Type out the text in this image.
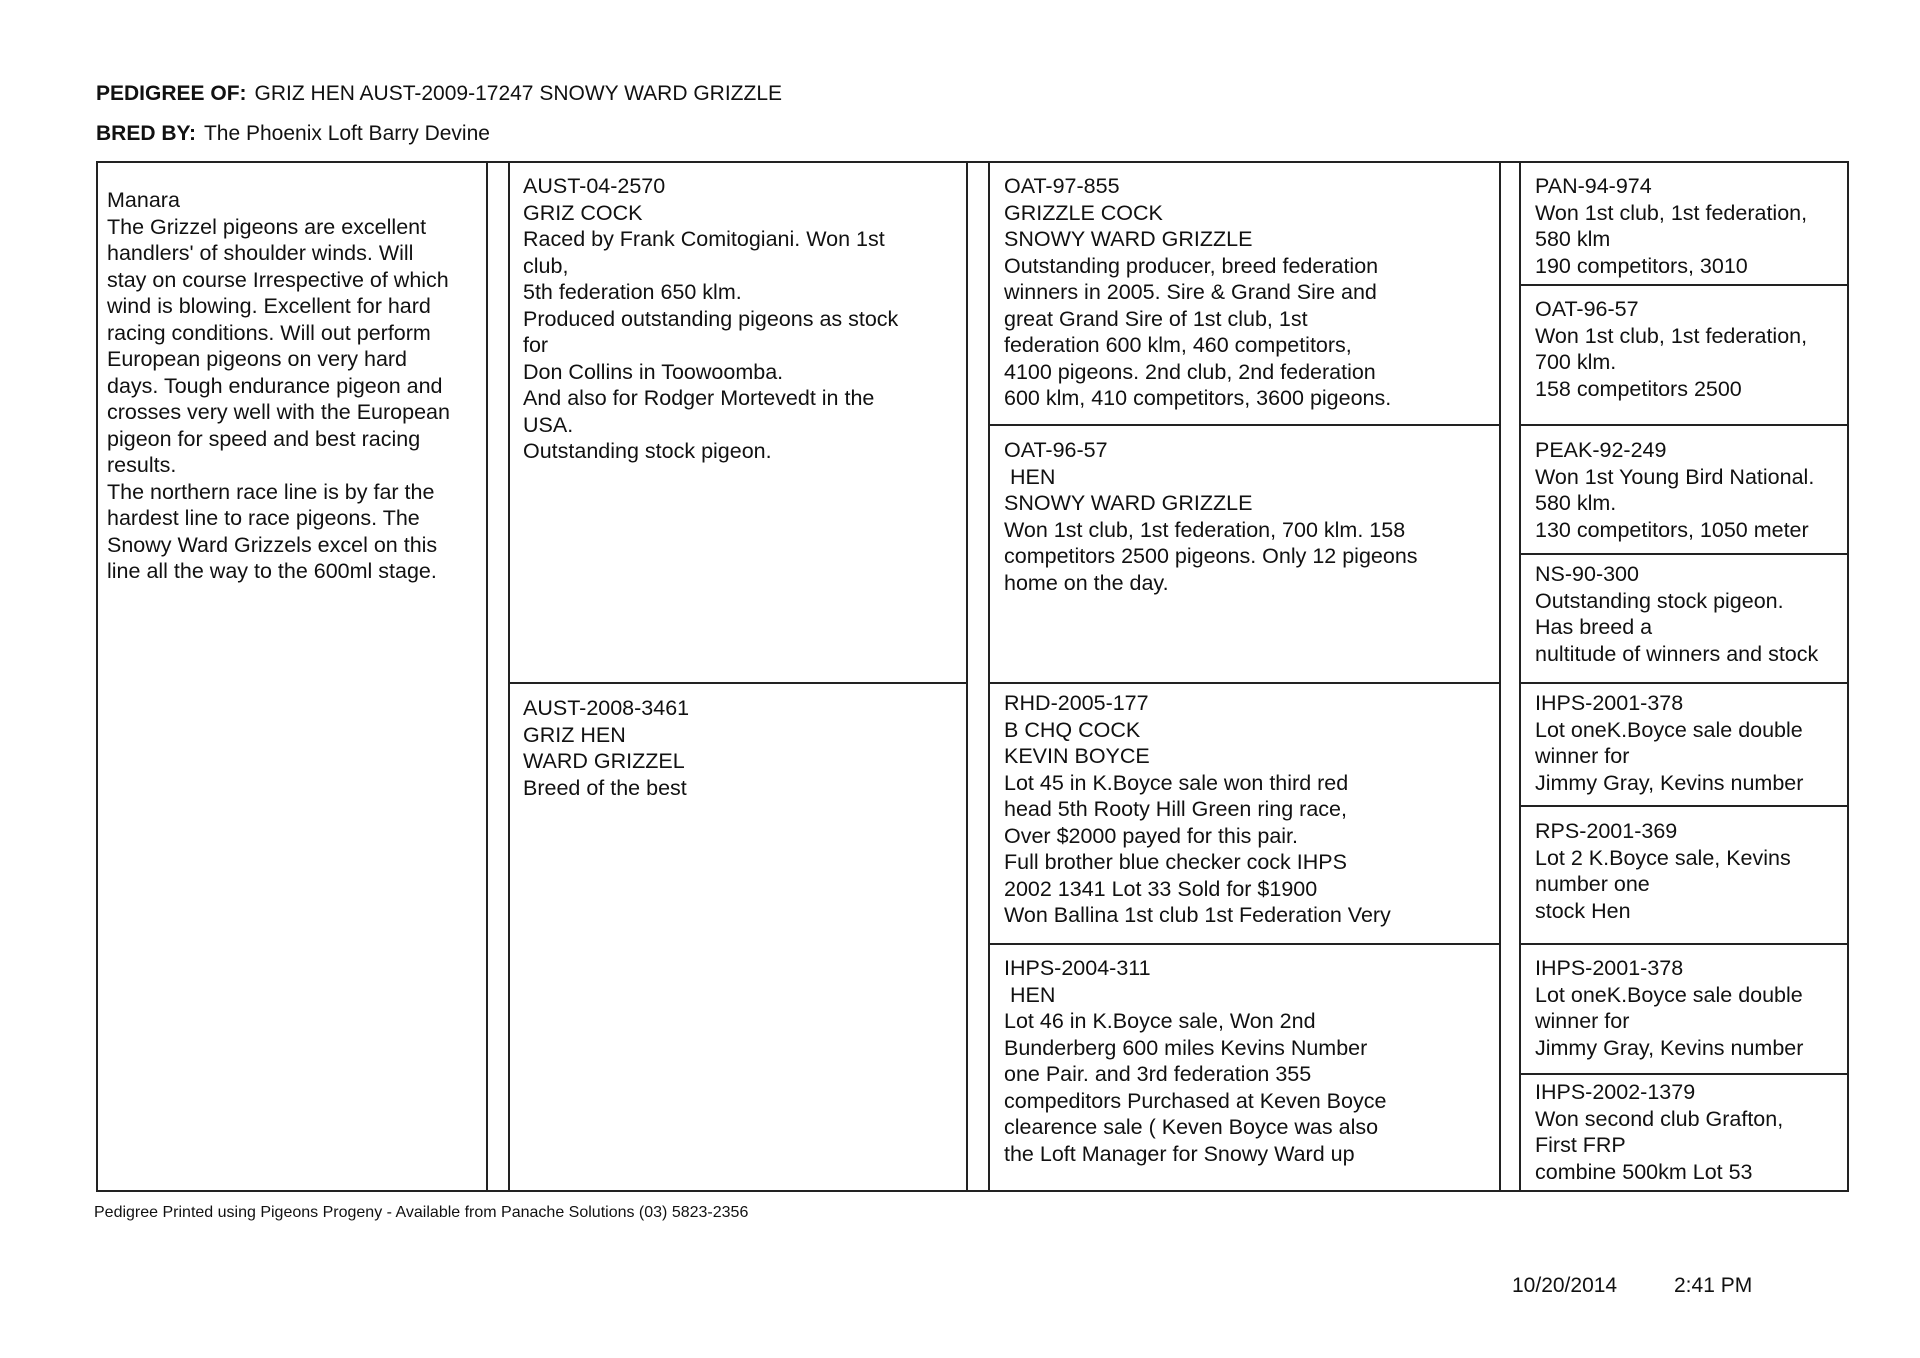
PEDIGREE OF: GRIZ HEN AUST-2009-17247 SNOWY WARD GRIZZLE
BRED BY: The Phoenix Loft Barry Devine
Manara
The Grizzel pigeons are excellent
handlers' of shoulder winds. Will
stay on course Irrespective of which
wind is blowing. Excellent for hard
racing conditions. Will out perform
European pigeons on very hard
days. Tough endurance pigeon and
crosses very well with the European
pigeon for speed and best racing
results.
The northern race line is by far the
hardest line to race pigeons. The
Snowy Ward Grizzels excel on this
line all the way to the 600ml stage.
AUST-04-2570
GRIZ COCK
Raced by Frank Comitogiani. Won 1st
club,
5th federation 650 klm.
Produced outstanding pigeons as stock
for
Don Collins in Toowoomba.
And also for Rodger Mortevedt in the
USA.
Outstanding stock pigeon.
AUST-2008-3461
GRIZ HEN
WARD GRIZZEL
Breed of the best
OAT-97-855
GRIZZLE COCK
SNOWY WARD GRIZZLE
Outstanding producer, breed federation
winners in 2005. Sire & Grand Sire and
great Grand Sire of 1st club, 1st
federation 600 klm, 460 competitors,
4100 pigeons. 2nd club, 2nd federation
600 klm, 410 competitors, 3600 pigeons.
OAT-96-57
HEN
SNOWY WARD GRIZZLE
Won 1st club, 1st federation, 700 klm. 158
competitors 2500 pigeons. Only 12 pigeons
home on the day.
RHD-2005-177
B CHQ COCK
KEVIN BOYCE
Lot 45 in K.Boyce sale won third red
head 5th Rooty Hill Green ring race,
Over $2000 payed for this pair.
Full brother blue checker cock IHPS
2002 1341 Lot 33 Sold for $1900
Won Ballina 1st club 1st Federation Very
IHPS-2004-311
HEN
Lot 46 in K.Boyce sale, Won 2nd
Bunderberg 600 miles Kevins Number
one Pair. and 3rd federation 355
compeditors Purchased at Keven Boyce
clearence sale ( Keven Boyce was also
the Loft Manager for Snowy Ward up
PAN-94-974
Won 1st club, 1st federation,
580 klm
190 competitors, 3010
OAT-96-57
Won 1st club, 1st federation,
700 klm.
158 competitors 2500
PEAK-92-249
Won 1st Young Bird National.
580 klm.
130 competitors, 1050 meter
NS-90-300
Outstanding stock pigeon.
Has breed a
nultitude of winners and stock
IHPS-2001-378
Lot oneK.Boyce sale double
winner for
Jimmy Gray, Kevins number
RPS-2001-369
Lot 2 K.Boyce sale, Kevins
number one
stock Hen
IHPS-2001-378
Lot oneK.Boyce sale double
winner for
Jimmy Gray, Kevins number
IHPS-2002-1379
Won second club Grafton,
First FRP
combine 500km Lot 53
Pedigree Printed using Pigeons Progeny - Available from Panache Solutions (03) 5823-2356
10/20/2014	2:41 PM
